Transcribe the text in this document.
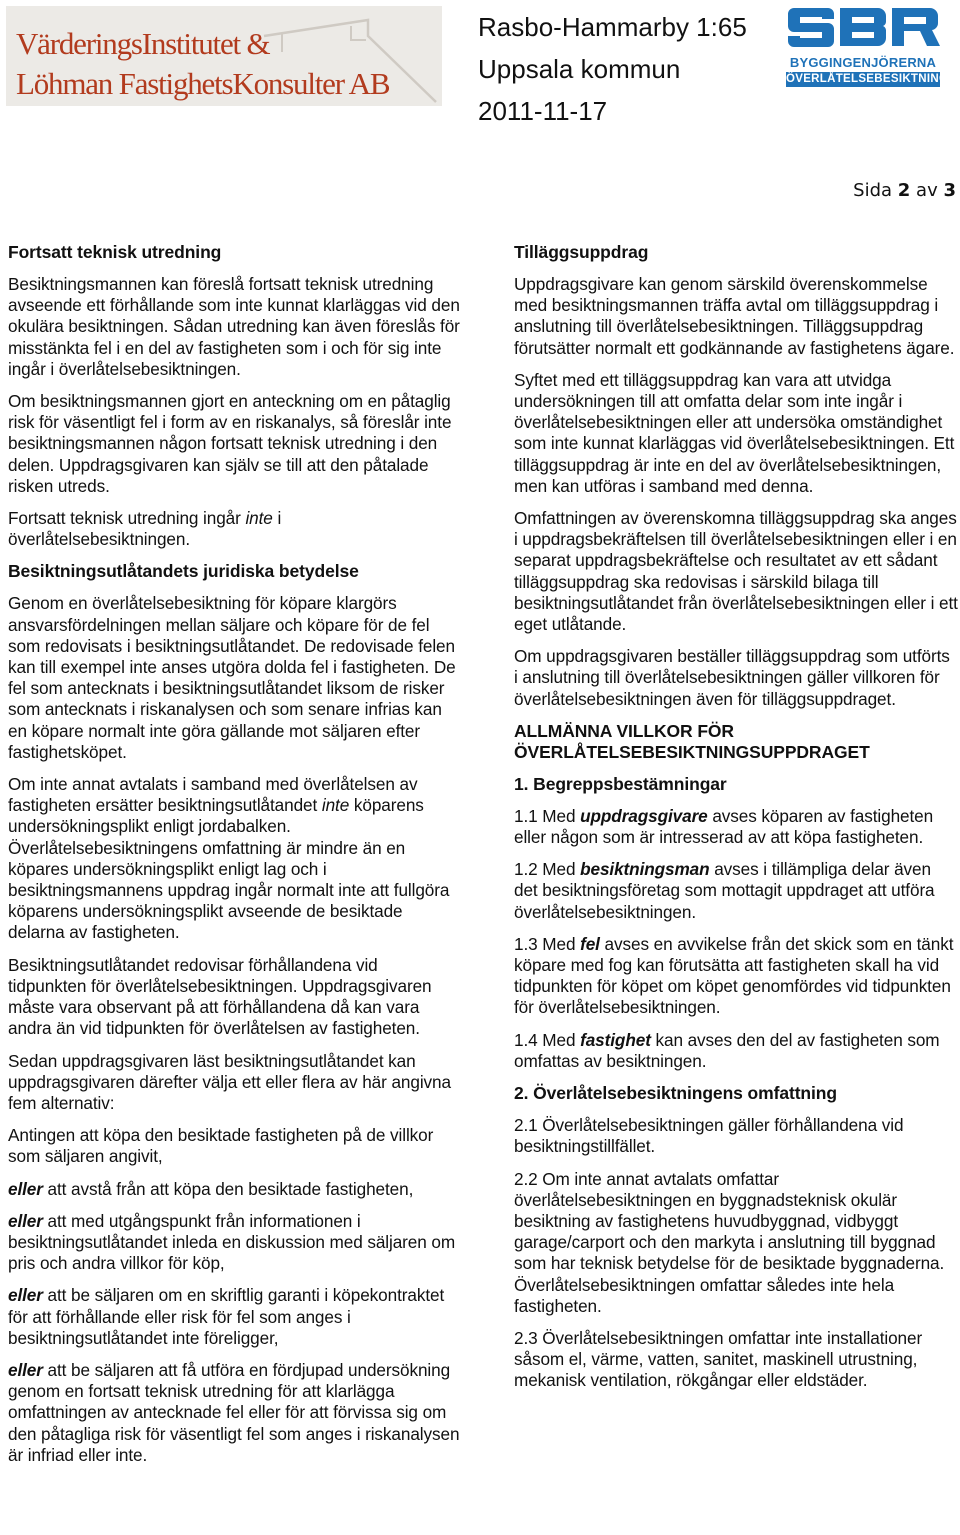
VärderingsInstitutet &
Löhman FastighetsKonsulter AB
Rasbo-Hammarby 1:65
Uppsala kommun
2011-11-17
BYGGINGENJÖRERNA
ÖVERLÅTELSEBESIKTNING
Sida 2 av 3
Fortsatt teknisk utredning

Besiktningsmannen kan föreslå fortsatt teknisk utredning avseende ett förhållande som inte kunnat klarläggas vid den okulära besiktningen. Sådan utredning kan även föreslås för misstänkta fel i en del av fastigheten som i och för sig inte ingår i överlåtelsebesiktningen.

Om besiktningsmannen gjort en anteckning om en påtaglig risk för väsentligt fel i form av en riskanalys, så föreslår inte besiktningsmannen någon fortsatt teknisk utredning i den delen. Uppdragsgivaren kan själv se till att den påtalade risken utreds.

Fortsatt teknisk utredning ingår inte i överlåtelsebesiktningen.

Besiktningsutlåtandets juridiska betydelse

Genom en överlåtelsebesiktning för köpare klargörs ansvarsfördelningen mellan säljare och köpare för de fel som redovisats i besiktningsutlåtandet. De redovisade felen kan till exempel inte anses utgöra dolda fel i fastigheten. De fel som antecknats i besiktningsutlåtandet liksom de risker som antecknats i riskanalysen och som senare infrias kan en köpare normalt inte göra gällande mot säljaren efter fastighetsköpet.

Om inte annat avtalats i samband med överlåtelsen av fastigheten ersätter besiktningsutlåtandet inte köparens undersökningsplikt enligt jordabalken. Överlåtelsebesiktningens omfattning är mindre än en köpares undersökningsplikt enligt lag och i besiktningsmannens uppdrag ingår normalt inte att fullgöra köparens undersökningsplikt avseende de besiktade delarna av fastigheten.

Besiktningsutlåtandet redovisar förhållandena vid tidpunkten för överlåtelsebesiktningen. Uppdragsgivaren måste vara observant på att förhållandena då kan vara andra än vid tidpunkten för överlåtelsen av fastigheten.

Sedan uppdragsgivaren läst besiktningsutlåtandet kan uppdragsgivaren därefter välja ett eller flera av här angivna fem alternativ:

Antingen att köpa den besiktade fastigheten på de villkor som säljaren angivit,

eller att avstå från att köpa den besiktade fastigheten,

eller att med utgångspunkt från informationen i besiktningsutlåtandet inleda en diskussion med säljaren om pris och andra villkor för köp,

eller att be säljaren om en skriftlig garanti i köpekontraktet för att förhållande eller risk för fel som anges i besiktningsutlåtandet inte föreligger,

eller att be säljaren att få utföra en fördjupad undersökning genom en fortsatt teknisk utredning för att klarlägga omfattningen av antecknade fel eller för att förvissa sig om den påtagliga risk för väsentligt fel som anges i riskanalysen är infriad eller inte.

Tilläggsuppdrag

Uppdragsgivare kan genom särskild överenskommelse med besiktningsmannen träffa avtal om tilläggsuppdrag i anslutning till överlåtelsebesiktningen. Tilläggsuppdrag förutsätter normalt ett godkännande av fastighetens ägare.

Syftet med ett tilläggsuppdrag kan vara att utvidga undersökningen till att omfatta delar som inte ingår i överlåtelsebesiktningen eller att undersöka omständighet som inte kunnat klarläggas vid överlåtelsebesiktningen. Ett tilläggsuppdrag är inte en del av överlåtelsebesiktningen, men kan utföras i samband med denna.

Omfattningen av överenskomna tilläggsuppdrag ska anges i uppdragsbekräftelsen till överlåtelsebesiktningen eller i en separat uppdragsbekräftelse och resultatet av ett sådant tilläggsuppdrag ska redovisas i särskild bilaga till besiktningsutlåtandet från överlåtelsebesiktningen eller i ett eget utlåtande.

Om uppdragsgivaren beställer tilläggsuppdrag som utförts i anslutning till överlåtelsebesiktningen gäller villkoren för överlåtelsebesiktningen även för tilläggsuppdraget.

ALLMÄNNA VILLKOR FÖR
ÖVERLÅTELSEBESIKTNINGSUPPDRAGET
1. Begreppsbestämningar

1.1 Med uppdragsgivare avses köparen av fastigheten eller någon som är intresserad av att köpa fastigheten.

1.2 Med besiktningsman avses i tillämpliga delar även det besiktningsföretag som mottagit uppdraget att utföra överlåtelsebesiktningen.

1.3 Med fel avses en avvikelse från det skick som en tänkt köpare med fog kan förutsätta att fastigheten skall ha vid tidpunkten för köpet om köpet genomfördes vid tidpunkten för överlåtelsebesiktningen.

1.4 Med fastighet kan avses den del av fastigheten som omfattas av besiktningen.

2. Överlåtelsebesiktningens omfattning

2.1 Överlåtelsebesiktningen gäller förhållandena vid besiktningstillfället.

2.2 Om inte annat avtalats omfattar överlåtelsebesiktningen en byggnadsteknisk okulär besiktning av fastighetens huvudbyggnad, vidbyggt garage/carport och den markyta i anslutning till byggnad som har teknisk betydelse för de besiktade byggnaderna. Överlåtelsebesiktningen omfattar således inte hela fastigheten.

2.3 Överlåtelsebesiktningen omfattar inte installationer såsom el, värme, vatten, sanitet, maskinell utrustning, mekanisk ventilation, rökgångar eller eldstäder.
